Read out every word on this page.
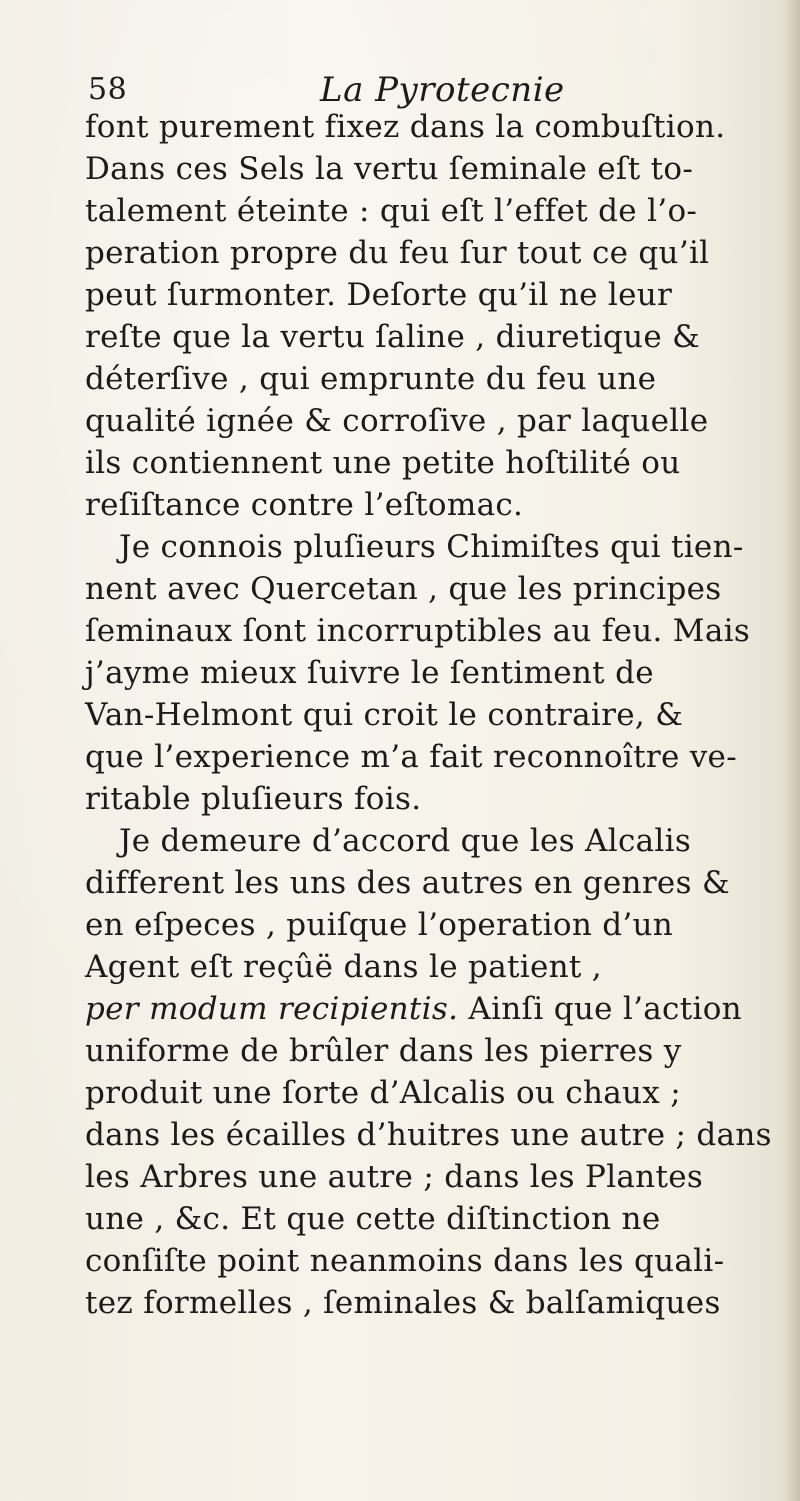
58	La Pyrotecnie
font purement fixez dans la combuſtion.
Dans ces Sels la vertu ſeminale eſt to-
talement éteinte : qui eſt l’effet de l’o-
peration propre du feu ſur tout ce qu’il
peut ſurmonter. Deſorte qu’il ne leur
reſte que la vertu ſaline , diuretique &
déterſive , qui emprunte du feu une
qualité ignée & corroſive , par laquelle
ils contiennent une petite hoſtilité ou
reſiſtance contre l’eſtomac.
Je connois pluſieurs Chimiſtes qui tien-
nent avec Quercetan , que les principes
ſeminaux ſont incorruptibles au feu. Mais
j’ayme mieux ſuivre le ſentiment de
Van-Helmont qui croit le contraire, &
que l’experience m’a fait reconnoître ve-
ritable pluſieurs fois.
Je demeure d’accord que les Alcalis
different les uns des autres en genres &
en eſpeces , puiſque l’operation d’un
Agent eſt reçûë dans le patient ,
per modum recipientis. Ainſi que l’action
uniforme de brûler dans les pierres y
produit une ſorte d’Alcalis ou chaux ;
dans les écailles d’huitres une autre ; dans
les Arbres une autre ; dans les Plantes
une , &c. Et que cette diſtinction ne
conſiſte point neanmoins dans les quali-
tez formelles , ſeminales & balſamiques
